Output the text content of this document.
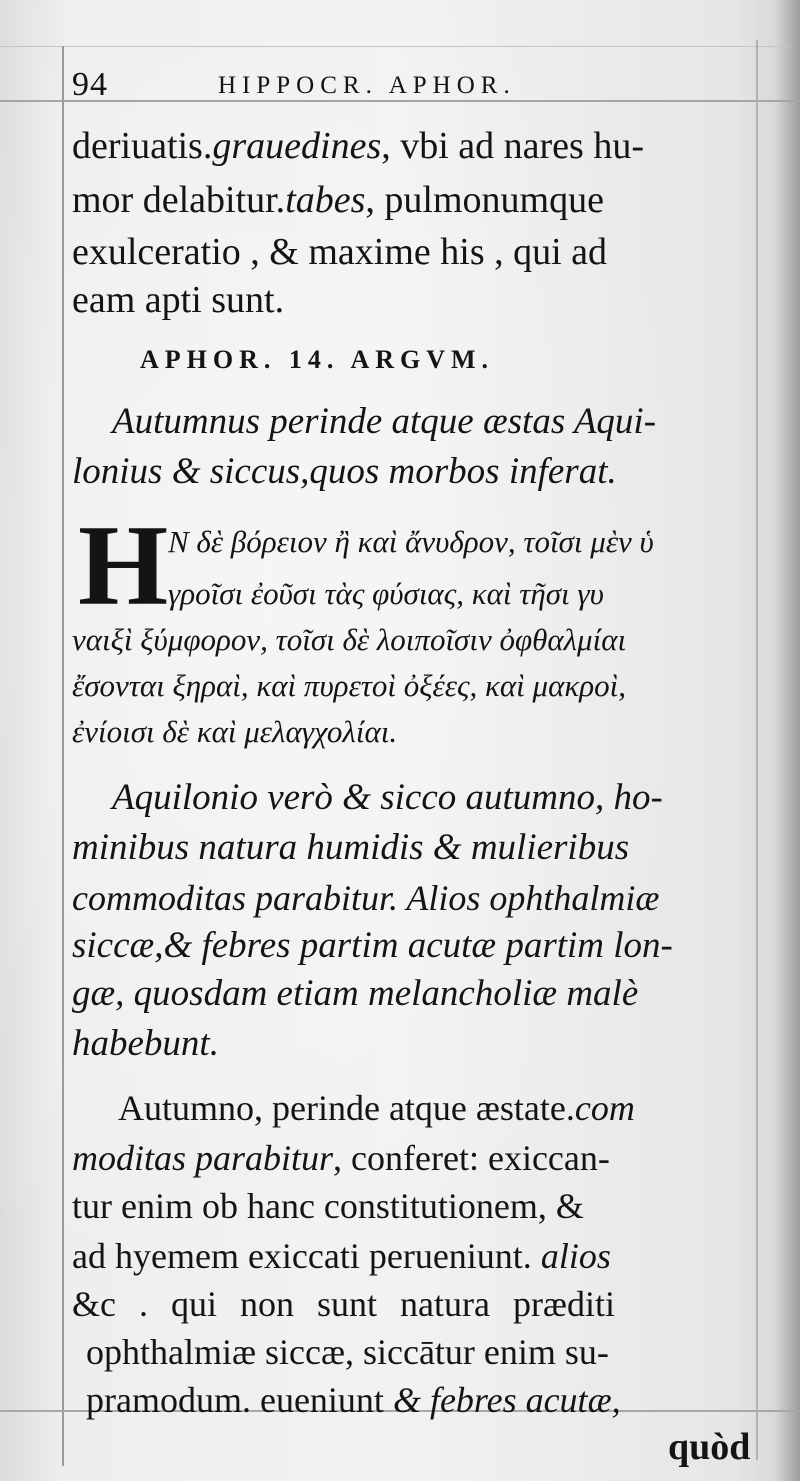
94	HIPPOCR. APHOR.
deriuatis.grauedines, vbi ad nares hu-
mor delabitur.tabes, pulmonumque
exulceratio , & maxime his , qui ad
eam apti sunt.
APHOR. 14. ARGVM.
Autumnus perinde atque æstas Aqui-
lonius & siccus,quos morbos inferat.
H Ν δὲ βόρειον ἢ καὶ ἄνυδρον, τοῖσι μὲν ὑ
γροῖσι ἐοῦσι τὰς φύσιας, καὶ τῆσι γυ
ναιξὶ ξύμφορον, τοῖσι δὲ λοιποῖσιν ὀφθαλμίαι
ἔσονται ξηραὶ, καὶ πυρετοὶ ὀξέες, καὶ μακροὶ,
ἐνίοισι δὲ καὶ μελαγχολίαι.
Aquilonio verò & sicco autumno, ho-
minibus natura humidis & mulieribus
commoditas parabitur. Alios ophthalmiæ
siccæ,& febres partim acutæ partim lon-
gæ, quosdam etiam melancholiæ malè
habebunt.
Autumno, perinde atque æstate.com
moditas parabitur, conferet: exiccan-
tur enim ob hanc constitutionem, &
ad hyemem exiccati perueniunt. alios
&c . qui non sunt natura præditi
ophthalmiæ siccæ, siccātur enim su-
pramodum. eueniunt & febres acutæ,
quòd
